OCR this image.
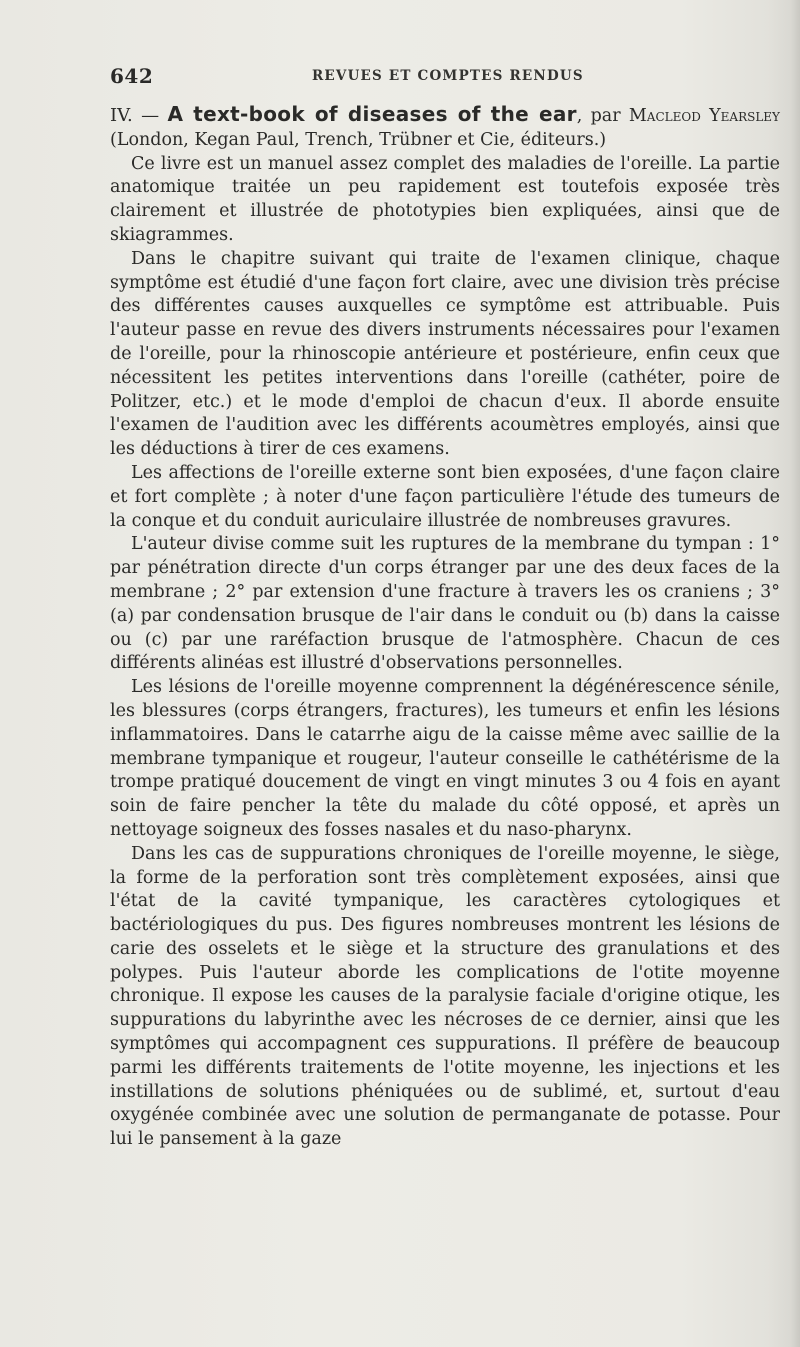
642	REVUES ET COMPTES RENDUS

IV. — A text-book of diseases of the ear, par Macleod Yearsley (London, Kegan Paul, Trench, Trübner et Cie, éditeurs.)

Ce livre est un manuel assez complet des maladies de l'oreille. La partie anatomique traitée un peu rapidement est toutefois exposée très clairement et illustrée de phototypies bien expliquées, ainsi que de skiagrammes.

Dans le chapitre suivant qui traite de l'examen clinique, chaque symptôme est étudié d'une façon fort claire, avec une division très précise des différentes causes auxquelles ce symptôme est attribuable. Puis l'auteur passe en revue des divers instruments nécessaires pour l'examen de l'oreille, pour la rhinoscopie antérieure et postérieure, enfin ceux que nécessitent les petites interventions dans l'oreille (cathéter, poire de Politzer, etc.) et le mode d'emploi de chacun d'eux. Il aborde ensuite l'examen de l'audition avec les différents acoumètres employés, ainsi que les déductions à tirer de ces examens.

Les affections de l'oreille externe sont bien exposées, d'une façon claire et fort complète ; à noter d'une façon particulière l'étude des tumeurs de la conque et du conduit auriculaire illustrée de nombreuses gravures.

L'auteur divise comme suit les ruptures de la membrane du tympan : 1° par pénétration directe d'un corps étranger par une des deux faces de la membrane ; 2° par extension d'une fracture à travers les os craniens ; 3° (a) par condensation brusque de l'air dans le conduit ou (b) dans la caisse ou (c) par une raréfaction brusque de l'atmosphère. Chacun de ces différents alinéas est illustré d'observations personnelles.

Les lésions de l'oreille moyenne comprennent la dégénérescence sénile, les blessures (corps étrangers, fractures), les tumeurs et enfin les lésions inflammatoires. Dans le catarrhe aigu de la caisse même avec saillie de la membrane tympanique et rougeur, l'auteur conseille le cathétérisme de la trompe pratiqué doucement de vingt en vingt minutes 3 ou 4 fois en ayant soin de faire pencher la tête du malade du côté opposé, et après un nettoyage soigneux des fosses nasales et du naso-pharynx.

Dans les cas de suppurations chroniques de l'oreille moyenne, le siège, la forme de la perforation sont très complètement exposées, ainsi que l'état de la cavité tympanique, les caractères cytologiques et bactériologiques du pus. Des figures nombreuses montrent les lésions de carie des osselets et le siège et la structure des granulations et des polypes. Puis l'auteur aborde les complications de l'otite moyenne chronique. Il expose les causes de la paralysie faciale d'origine otique, les suppurations du labyrinthe avec les nécroses de ce dernier, ainsi que les symptômes qui accompagnent ces suppurations. Il préfère de beaucoup parmi les différents traitements de l'otite moyenne, les injections et les instillations de solutions phéniquées ou de sublimé, et, surtout d'eau oxygénée combinée avec une solution de permanganate de potasse. Pour lui le pansement à la gaze
